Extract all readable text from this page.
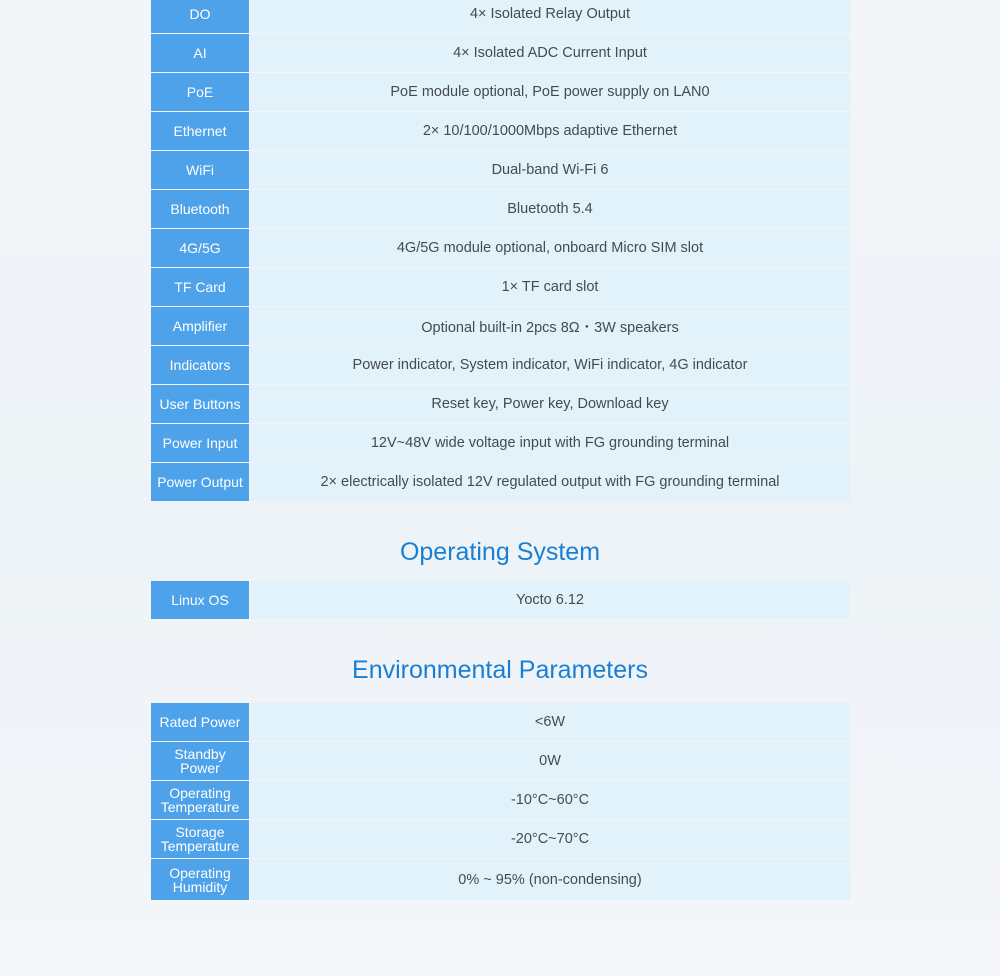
DO	4× Isolated Relay Output
AI	4× Isolated ADC Current Input
PoE	PoE module optional, PoE power supply on LAN0
Ethernet	2× 10/100/1000Mbps adaptive Ethernet
WiFi	Dual-band Wi-Fi 6
Bluetooth	Bluetooth 5.4
4G/5G	4G/5G module optional, onboard Micro SIM slot
TF Card	1× TF card slot
Amplifier	Optional built-in 2pcs 8Ω・3W speakers
Indicators	Power indicator, System indicator, WiFi indicator, 4G indicator
User Buttons	Reset key, Power key, Download key
Power Input	12V~48V wide voltage input with FG grounding terminal
Power Output	2× electrically isolated 12V regulated output with FG grounding terminal
Operating System
Linux OS	Yocto 6.12
Environmental Parameters
Rated Power	<6W
Standby Power	0W
Operating Temperature	-10°C~60°C
Storage Temperature	-20°C~70°C
Operating Humidity	0% ~ 95% (non-condensing)
